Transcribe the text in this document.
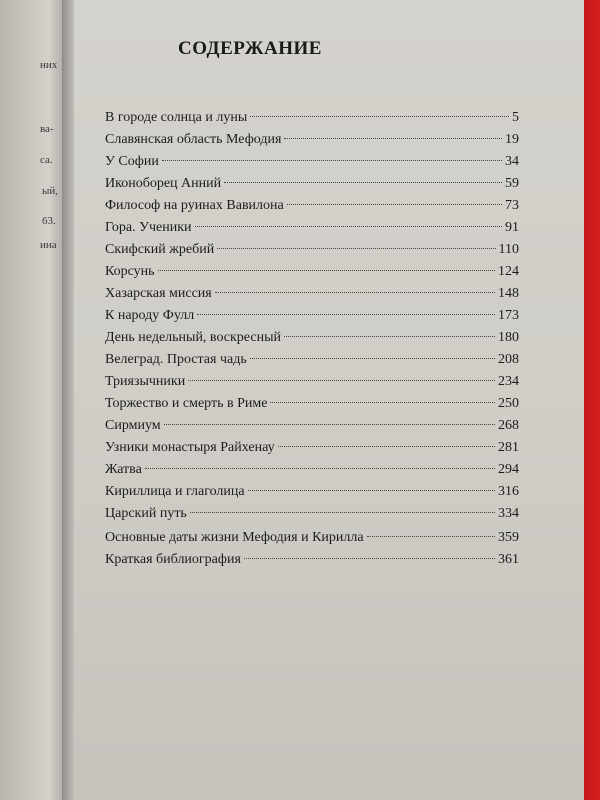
них
ва-
са.
ый,
63.
ина
СОДЕРЖАНИЕ
В городе солнца и луны	5
Славянская область Мефодия	19
У Софии	34
Иконоборец Анний	59
Философ на руинах Вавилона	73
Гора. Ученики	91
Скифский жребий	110
Корсунь	124
Хазарская миссия	148
К народу Фулл	173
День недельный, воскресный	180
Велеград. Простая чадь	208
Триязычники	234
Торжество и смерть в Риме	250
Сирмиум	268
Узники монастыря Райхенау	281
Жатва	294
Кириллица и глаголица	316
Царский путь	334
Основные даты жизни Мефодия и Кирилла	359
Краткая библиография	361
